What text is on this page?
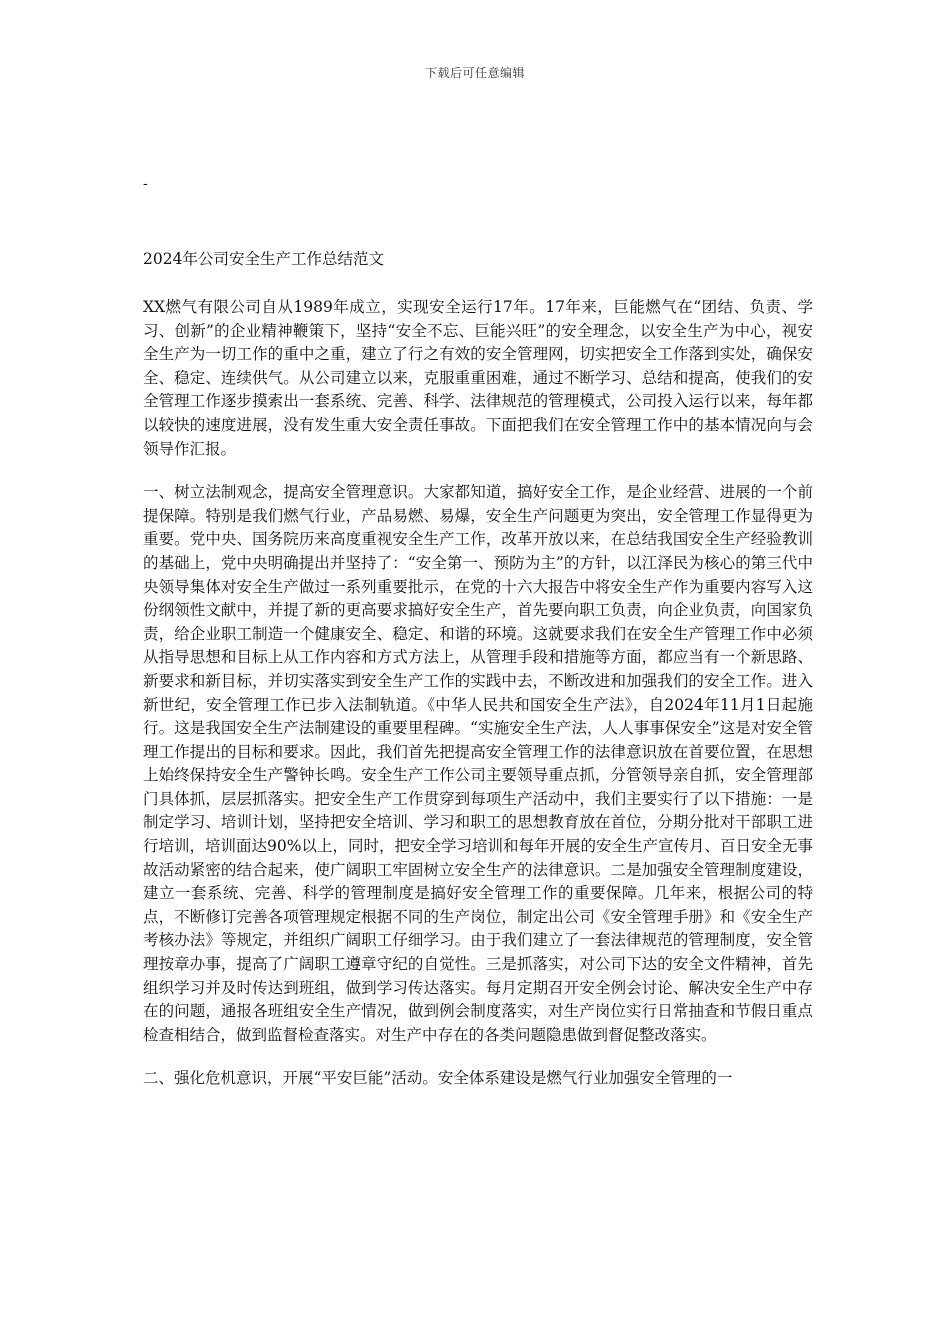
下载后可任意编辑
-
2024年公司安全生产工作总结范文

XX燃气有限公司自从1989年成立，实现安全运行17年。17年来，巨能燃气在“团结、负责、学习、创新”的企业精神鞭策下，坚持“安全不忘、巨能兴旺”的安全理念，以安全生产为中心，视安全生产为一切工作的重中之重，建立了行之有效的安全管理网，切实把安全工作落到实处，确保安全、稳定、连续供气。从公司建立以来，克服重重困难，通过不断学习、总结和提高，使我们的安全管理工作逐步摸索出一套系统、完善、科学、法律规范的管理模式，公司投入运行以来，每年都以较快的速度进展，没有发生重大安全责任事故。下面把我们在安全管理工作中的基本情况向与会领导作汇报。

一、树立法制观念，提高安全管理意识。大家都知道，搞好安全工作，是企业经营、进展的一个前提保障。特别是我们燃气行业，产品易燃、易爆，安全生产问题更为突出，安全管理工作显得更为重要。党中央、国务院历来高度重视安全生产工作，改革开放以来，在总结我国安全生产经验教训的基础上，党中央明确提出并坚持了：“安全第一、预防为主”的方针，以江泽民为核心的第三代中央领导集体对安全生产做过一系列重要批示，在党的十六大报告中将安全生产作为重要内容写入这份纲领性文献中，并提了新的更高要求搞好安全生产，首先要向职工负责，向企业负责，向国家负责，给企业职工制造一个健康安全、稳定、和谐的环境。这就要求我们在安全生产管理工作中必须从指导思想和目标上从工作内容和方式方法上，从管理手段和措施等方面，都应当有一个新思路、新要求和新目标，并切实落实到安全生产工作的实践中去，不断改进和加强我们的安全工作。进入新世纪，安全管理工作已步入法制轨道。《中华人民共和国安全生产法》，自2024年11月1日起施行。这是我国安全生产法制建设的重要里程碑。“实施安全生产法，人人事事保安全”这是对安全管理工作提出的目标和要求。因此，我们首先把提高安全管理工作的法律意识放在首要位置，在思想上始终保持安全生产警钟长鸣。安全生产工作公司主要领导重点抓，分管领导亲自抓，安全管理部门具体抓，层层抓落实。把安全生产工作贯穿到每项生产活动中，我们主要实行了以下措施：一是制定学习、培训计划，坚持把安全培训、学习和职工的思想教育放在首位，分期分批对干部职工进行培训，培训面达90%以上，同时，把安全学习培训和每年开展的安全生产宣传月、百日安全无事故活动紧密的结合起来，使广阔职工牢固树立安全生产的法律意识。二是加强安全管理制度建设，建立一套系统、完善、科学的管理制度是搞好安全管理工作的重要保障。几年来，根据公司的特点，不断修订完善各项管理规定根据不同的生产岗位，制定出公司《安全管理手册》和《安全生产考核办法》等规定，并组织广阔职工仔细学习。由于我们建立了一套法律规范的管理制度，安全管理按章办事，提高了广阔职工遵章守纪的自觉性。三是抓落实，对公司下达的安全文件精神，首先组织学习并及时传达到班组，做到学习传达落实。每月定期召开安全例会讨论、解决安全生产中存在的问题，通报各班组安全生产情况，做到例会制度落实，对生产岗位实行日常抽查和节假日重点检查相结合，做到监督检查落实。对生产中存在的各类问题隐患做到督促整改落实。

二、强化危机意识，开展“平安巨能”活动。安全体系建设是燃气行业加强安全管理的一
